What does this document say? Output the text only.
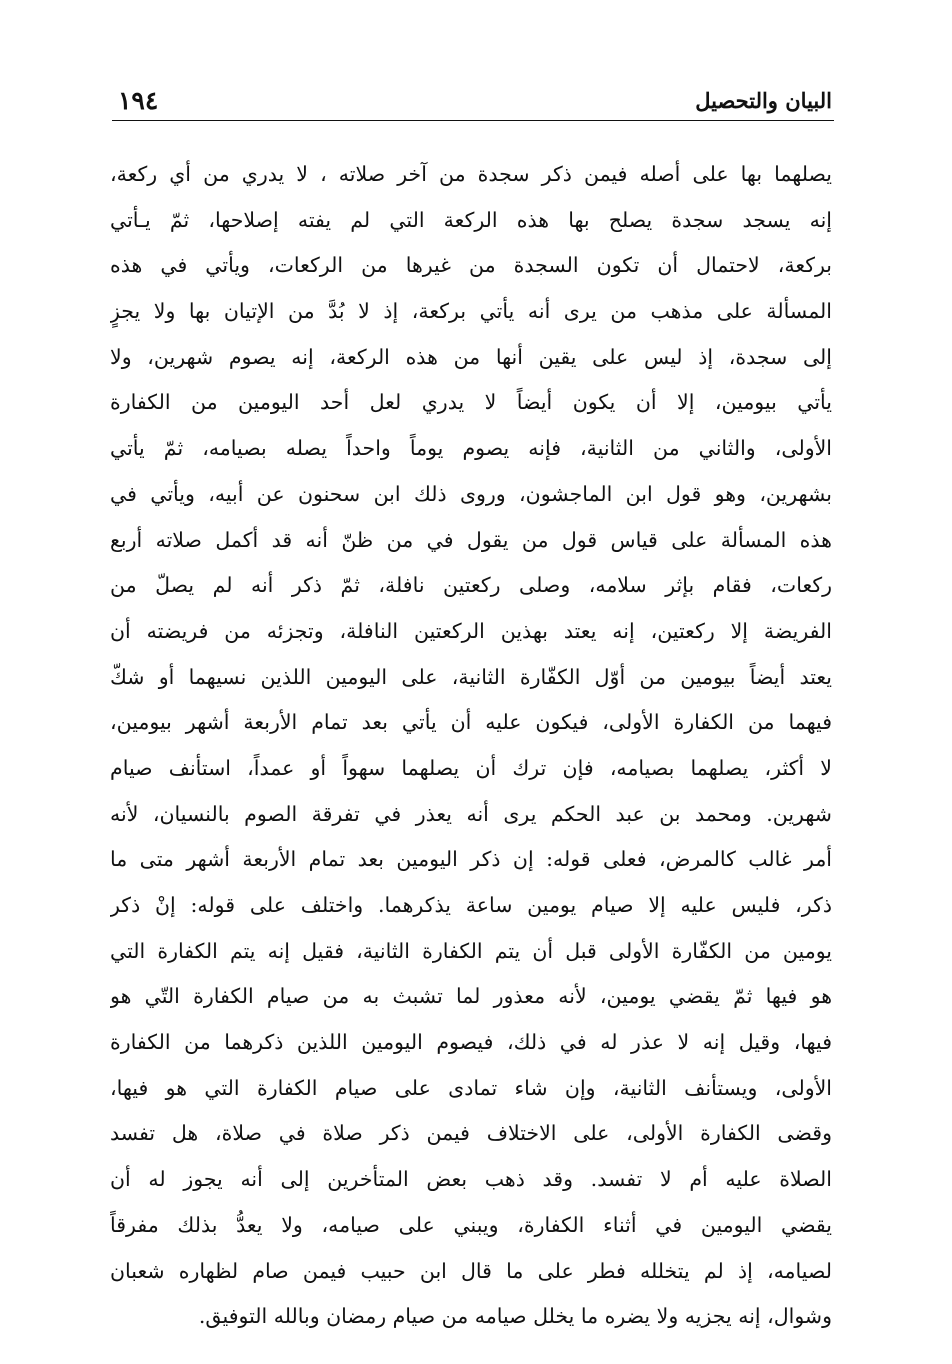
١٩٤	البيان والتحصيل
يصلهما بها على أصله فيمن ذكر سجدة من آخر صلاته ، لا يدري من أي ركعة،
إنه يسجد سجدة يصلح بها هذه الركعة التي لم يفته إصلاحها، ثمّ يـأتي
بركعة، لاحتمال أن تكون السجدة من غيرها من الركعات، ويأتي في هذه
المسألة على مذهب من يرى أنه يأتي بركعة، إذ لا بُدَّ من الإتيان بها ولا يجزٍ
إلى سجدة، إذ ليس على يقين أنها من هذه الركعة، إنه يصوم شهرين، ولا
يأتي بيومين، إلا أن يكون أيضاً لا يدري لعل أحد اليومين من الكفارة
الأولى، والثاني من الثانية، فإنه يصوم يوماً واحداً يصله بصيامه، ثمّ يأتي
بشهرين، وهو قول ابن الماجشون، وروى ذلك ابن سحنون عن أبيه، ويأتي في
هذه المسألة على قياس قول من يقول في من ظنّ أنه قد أكمل صلاته أربع
ركعات، فقام بإثر سلامه، وصلى ركعتين نافلة، ثمّ ذكر أنه لم يصلّ من
الفريضة إلا ركعتين، إنه يعتد بهذين الركعتين النافلة، وتجزئه من فريضته أن
يعتد أيضاً بيومين من أوّل الكفّارة الثانية، على اليومين اللذين نسيهما أو شكّ
فيهما من الكفارة الأولى، فيكون عليه أن يأتي بعد تمام الأربعة أشهر بيومين،
لا أكثر، يصلهما بصيامه، فإن ترك أن يصلهما سهواً أو عمداً، استأنف صيام
شهرين. ومحمد بن عبد الحكم يرى أنه يعذر في تفرقة الصوم بالنسيان، لأنه
أمر غالب كالمرض، فعلى قوله: إن ذكر اليومين بعد تمام الأربعة أشهر متى ما
ذكر، فليس عليه إلا صيام يومين ساعة يذكرهما. واختلف على قوله: إنْ ذكر
يومين من الكفّارة الأولى قبل أن يتم الكفارة الثانية، فقيل إنه يتم الكفارة التي
هو فيها ثمّ يقضي يومين، لأنه معذور لما تشبث به من صيام الكفارة التّي هو
فيها، وقيل إنه لا عذر له في ذلك، فيصوم اليومين اللذين ذكرهما من الكفارة
الأولى، ويستأنف الثانية، وإن شاء تمادى على صيام الكفارة التي هو فيها،
وقضى الكفارة الأولى، على الاختلاف فيمن ذكر صلاة في صلاة، هل تفسد
الصلاة عليه أم لا تفسد. وقد ذهب بعض المتأخرين إلى أنه يجوز له أن
يقضي اليومين في أثناء الكفارة، ويبني على صيامه، ولا يعدُّ بذلك مفرقاً
لصيامه، إذ لم يتخلله فطر على ما قال ابن حبيب فيمن صام لظهاره شعبان
وشوال، إنه يجزيه ولا يضره ما يخلل صيامه من صيام رمضان وبالله التوفيق.
